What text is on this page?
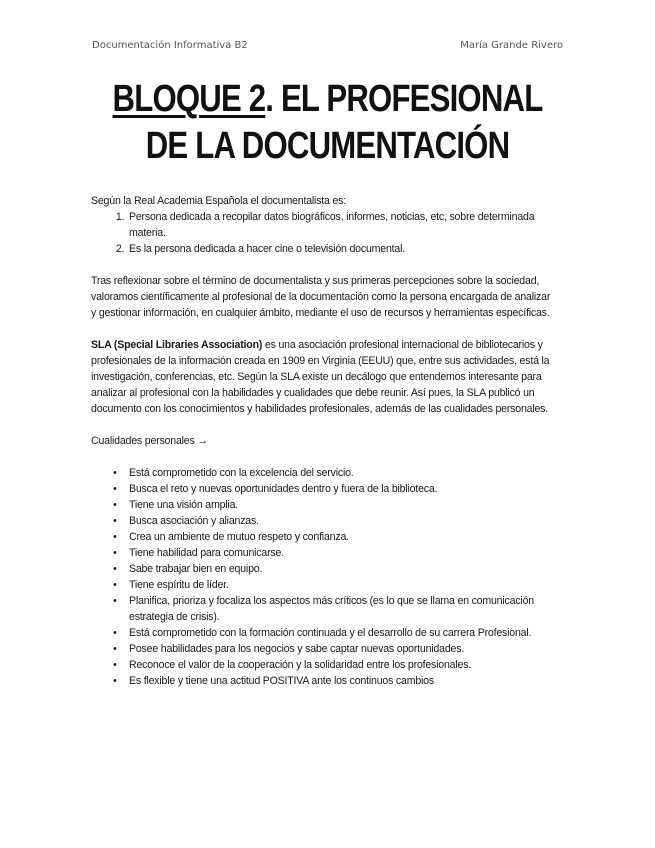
Documentación Informativa B2	María Grande Rivero
BLOQUE 2. EL PROFESIONAL
DE LA DOCUMENTACIÓN

Según la Real Academia Española el documentalista es:

1. Persona dedicada a recopilar datos biográficos, informes, noticias, etc, sobre determinada materia.
2. Es la persona dedicada a hacer cine o televisión documental.

Tras reflexionar sobre el término de documentalista y sus primeras percepciones sobre la sociedad, valoramos científicamente al profesional de la documentación como la persona encargada de analizar y gestionar información, en cualquier ámbito, mediante el uso de recursos y herramientas específicas.

SLA (Special Libraries Association) es una asociación profesional internacional de bibliotecarios y profesionales de la información creada en 1909 en Virginia (EEUU) que, entre sus actividades, está la investigación, conferencias, etc. Según la SLA existe un decálogo que entendemos interesante para analizar al profesional con la habilidades y cualidades que debe reunir. Así pues, la SLA publicó un documento con los conocimientos y habilidades profesionales, además de las cualidades personales.

Cualidades personales →

• Está comprometido con la excelencia del servicio.
• Busca el reto y nuevas oportunidades dentro y fuera de la biblioteca.
• Tiene una visión amplia.
• Busca asociación y alianzas.
• Crea un ambiente de mutuo respeto y confianza.
• Tiene habilidad para comunicarse.
• Sabe trabajar bien en equipo.
• Tiene espíritu de líder.
• Planifica, prioriza y focaliza los aspectos más críticos (es lo que se llama en comunicación estrategia de crisis).
• Está comprometido con la formación continuada y el desarrollo de su carrera Profesional.
• Posee habilidades para los negocios y sabe captar nuevas oportunidades.
• Reconoce el valor de la cooperación y la solidaridad entre los profesionales.
• Es flexible y tiene una actitud POSITIVA ante los continuos cambios
